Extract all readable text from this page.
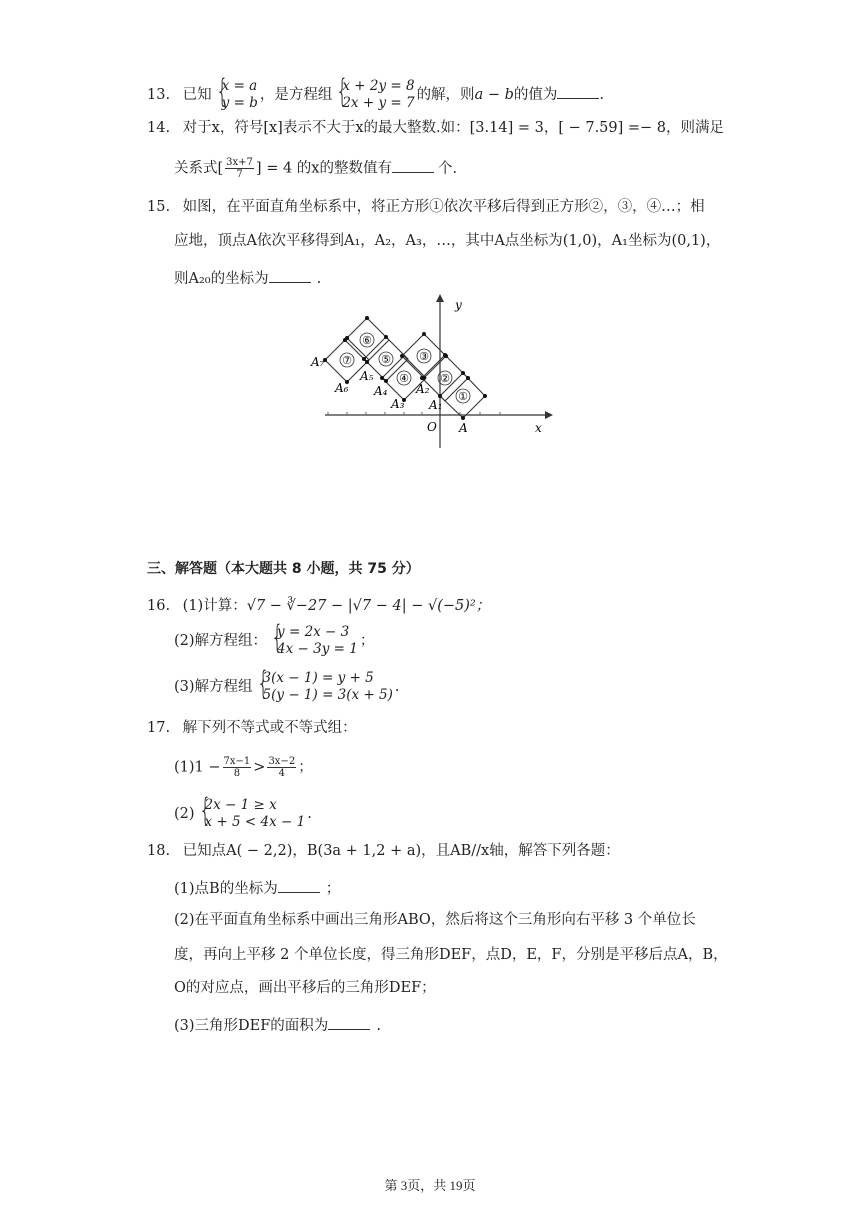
13. 已知
{ x = a
y = b ，是方程组
{ x + 2y = 8
2x + y = 7 的解，则a − b的值为	.
14. 对于x，符号[x]表示不大于x的最大整数.如：[3.14] = 3，[ − 7.59] =− 8，则满足
关系式[ $\frac{3x+7}{7}$ ] = 4 的x的整数值有	个.
15. 如图，在平面直角坐标系中，将正方形①依次平移后得到正方形②，③，④…；相
应地，顶点A依次平移得到A₁，A₂，A₃，…，其中A点坐标为(1,0)，A₁坐标为(0,1)，
则A₂₀的坐标为	.
①
②
③
④
⑤
⑥
⑦
y
x
O A
A₁
A₂
A₃
A₄
A₅
A₆
A₇
三、解答题（本大题共 8 小题，共 75 分）
16. (1)计算：√7 − ∛−27 − |√7 − 4| − √(−5)²；
(2)解方程组：
{ y = 2x − 3
4x − 3y = 1 ；
(3)解方程组
{ 3(x − 1) = y + 5
5(y − 1) = 3(x + 5) .
17. 解下列不等式或不等式组：
$(1)1 - \frac{7x-1}{8} > \frac{3x-2}{4}$ ；
(2)
{ 2x − 1 ≥ x
x + 5 < 4x − 1 .
18. 已知点A( − 2,2)，B(3a + 1,2 + a)，且AB//x轴，解答下列各题：
(1)点B的坐标为	；
(2)在平面直角坐标系中画出三角形ABO，然后将这个三角形向右平移 3 个单位长
度，再向上平移 2 个单位长度，得三角形DEF，点D，E，F，分别是平移后点A，B，
O的对应点，画出平移后的三角形DEF；
(3)三角形DEF的面积为	.
第 3页，共 19页
